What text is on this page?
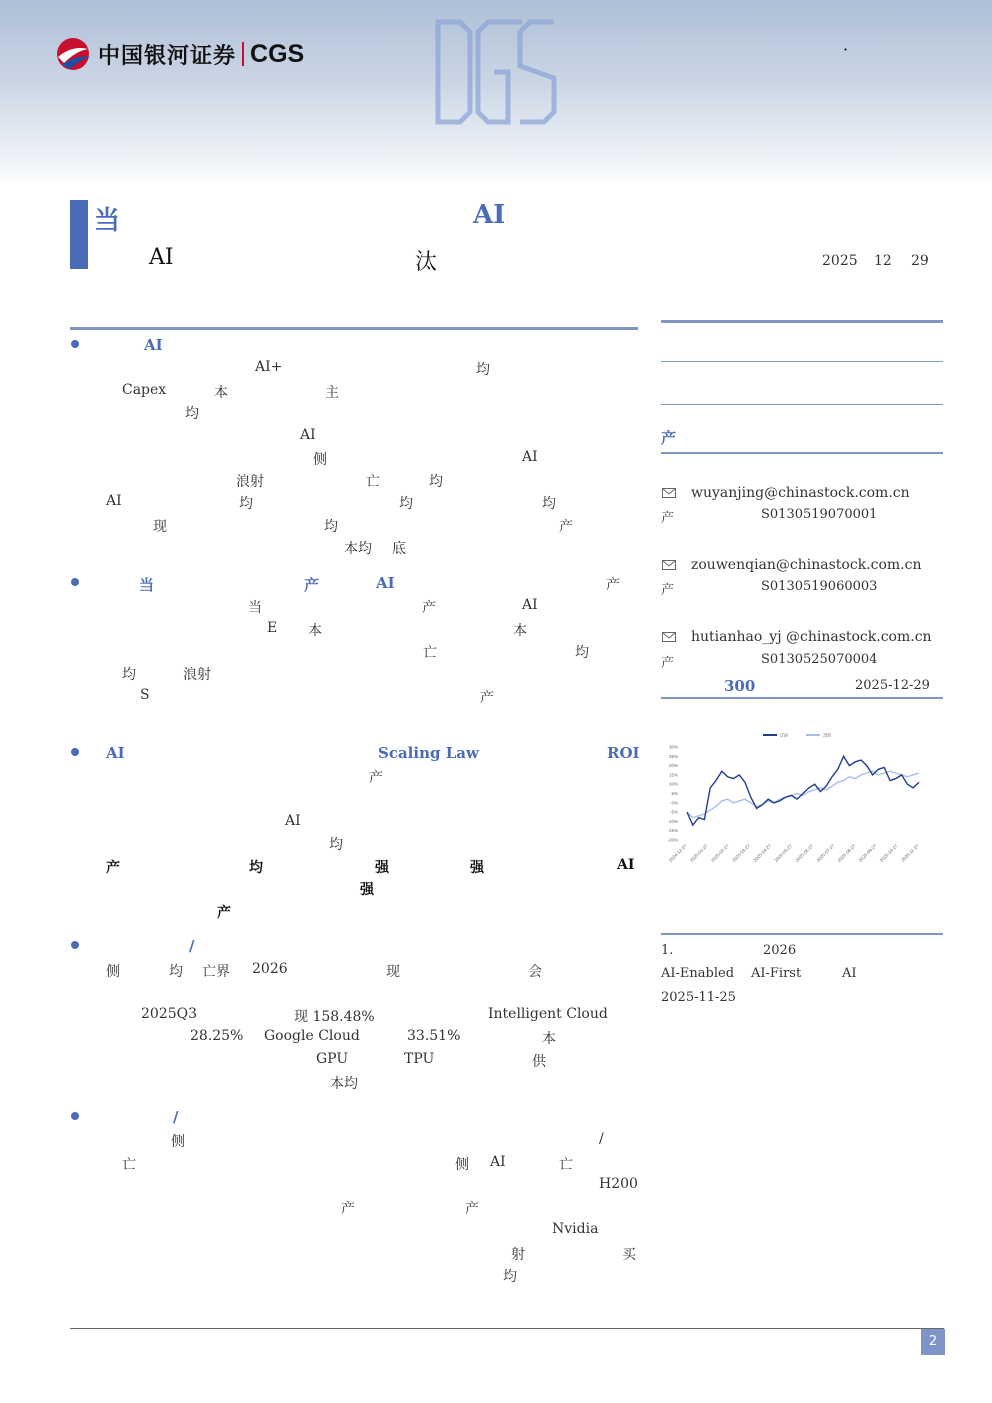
中国银河证券 CGS	·
当	AI
AI	汰	2025 12 29
AI
AI+	均
Capex	本	主
均
AI
侧	AI
浪射	亡	均
AI	均	均	均
现	均	产
本均 底
当	产	AI	产
当	产	AI
E 本	本
亡	均
均	浪射
S	产
AI	Scaling Law	ROI
产
AI
均
产	均	强	强	AI
强
产
/
侧	均 亡界 2026	现	会
2025Q3	现 158.48%	Intelligent Cloud
28.25% Google Cloud	33.51%	本
GPU	TPU	供
本均
/
侧	/
亡	侧 AI	亡
H200
产	产
Nvidia
射	买
均
产
wuyanjing@chinastock.com.cn
产	S0130519070001
zouwenqian@chinastock.com.cn
产	S0130519060003
hutianhao_yj @chinastock.com.cn
产	S0130525070004
300	2025-12-29
SW	300
30%
25%
20%
15%
10%
5%
0%
-5%
-10%
-15%
-20%
2024-12-27 2025-01-27 2025-02-27 2025-03-27 2025-04-27 2025-05-27 2025-06-27 2025-07-27 2025-08-27 2025-09-27 2025-10-27 2025-11-27
1.	2026
AI-Enabled AI-First	AI
2025-11-25
2
